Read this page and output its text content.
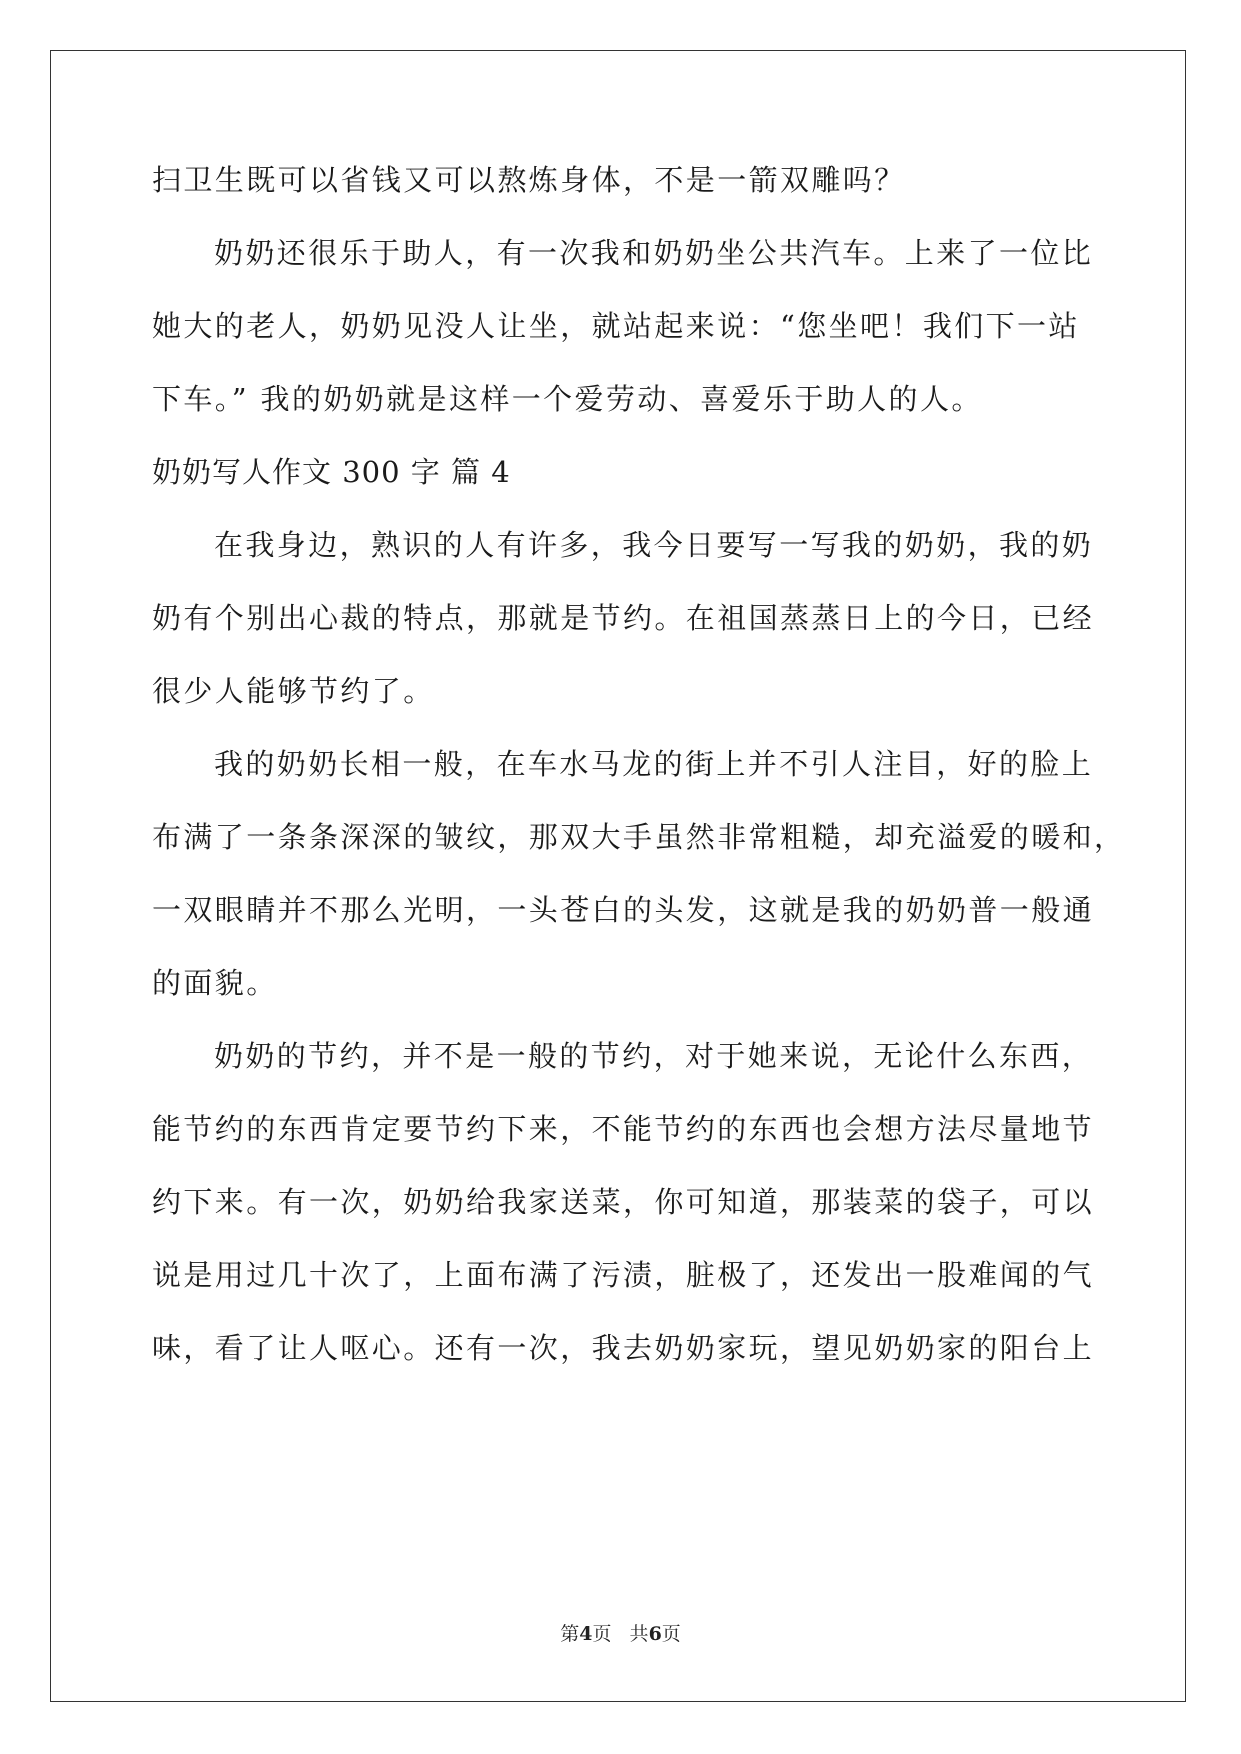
扫卫生既可以省钱又可以熬炼身体，不是一箭双雕吗？
奶奶还很乐于助人，有一次我和奶奶坐公共汽车。上来了一位比
她大的老人，奶奶见没人让坐，就站起来说：“您坐吧！我们下一站
下车。” 我的奶奶就是这样一个爱劳动、喜爱乐于助人的人。
奶奶写人作文 300 字 篇 4
在我身边，熟识的人有许多，我今日要写一写我的奶奶，我的奶
奶有个别出心裁的特点，那就是节约。在祖国蒸蒸日上的今日，已经
很少人能够节约了。
我的奶奶长相一般，在车水马龙的街上并不引人注目，好的脸上
布满了一条条深深的皱纹，那双大手虽然非常粗糙，却充溢爱的暖和，
一双眼睛并不那么光明，一头苍白的头发，这就是我的奶奶普一般通
的面貌。
奶奶的节约，并不是一般的节约，对于她来说，无论什么东西，
能节约的东西肯定要节约下来，不能节约的东西也会想方法尽量地节
约下来。有一次，奶奶给我家送菜，你可知道，那装菜的袋子，可以
说是用过几十次了，上面布满了污渍，脏极了，还发出一股难闻的气
味，看了让人呕心。还有一次，我去奶奶家玩，望见奶奶家的阳台上
第4页   共6页
